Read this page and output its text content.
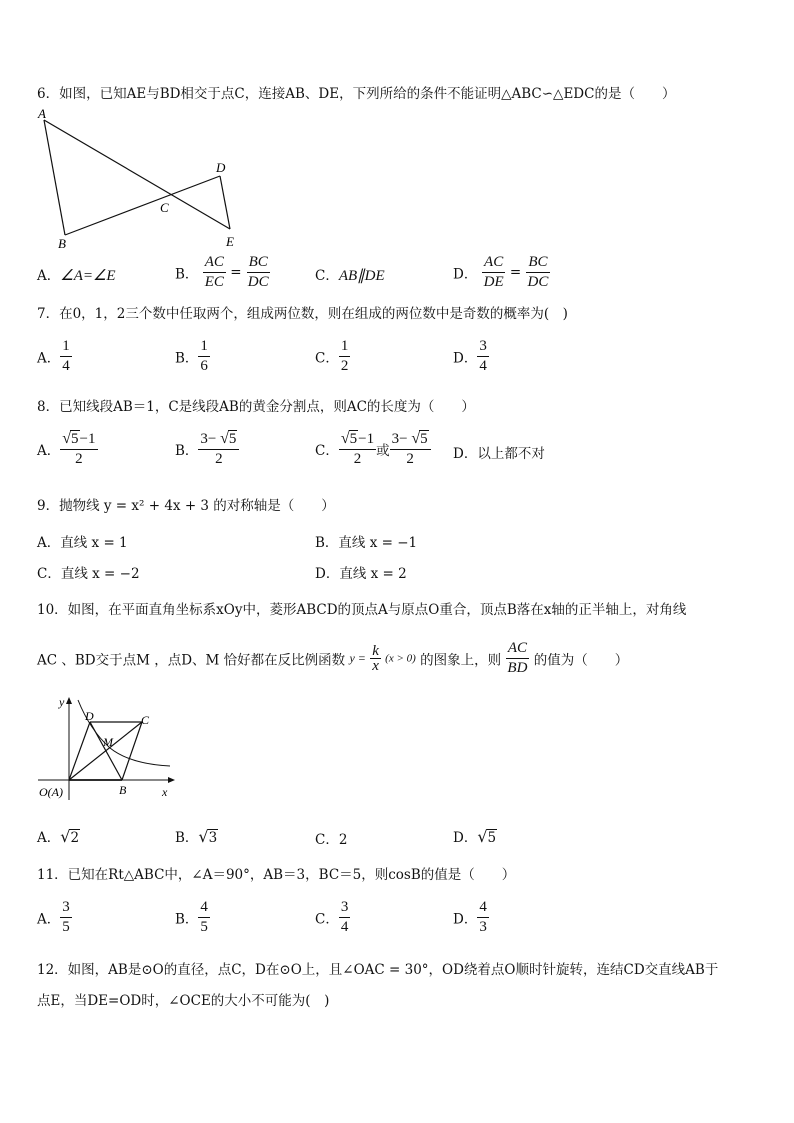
6．如图，已知AE与BD相交于点C，连接AB、DE，下列所给的条件不能证明△ABC∽△EDC的是（　　）
A
B
C
D
E
A．∠A=∠E	B． $\frac{AC}{EC} = \frac{BC}{DC}$	C．AB∥DE	D． $\frac{AC}{DE} = \frac{BC}{DC}$
7．在0，1，2三个数中任取两个，组成两位数，则在组成的两位数中是奇数的概率为(　)
A． $\frac{1}{4}$	B． $\frac{1}{6}$	C． $\frac{1}{2}$	D． $\frac{3}{4}$
8．已知线段AB＝1，C是线段AB的黄金分割点，则AC的长度为（　　）
A． $\frac{√5-1}{2}$	B． $\frac{3- √5}{2}$	C． $\frac{√5-1}{2}$ 或 $\frac{3- √5}{2}$ D．以上都不对
9．抛物线 y = x² + 4x + 3 的对称轴是（　　）
A．直线 x = 1	B．直线 x = −1
C．直线 x = −2	D．直线 x = 2
10．如图，在平面直角坐标系xOy中，菱形ABCD的顶点A与原点O重合，顶点B落在x轴的正半轴上，对角线
AC 、BD交于点M ，点D、M 恰好都在反比例函数 $y = \frac{k}{x} (x > 0)$ 的图象上，则 $\frac{AC}{BD}$ 的值为（　　）
y
x
D	C
M
B
O(A)
A．√2	B．√3	C．2	D．√5
11．已知在Rt△ABC中，∠A＝90°，AB＝3，BC＝5，则cosB的值是（　　）
A． $\frac{3}{5}$	B． $\frac{4}{5}$	C． $\frac{3}{4}$	D． $\frac{4}{3}$
12．如图，AB是⊙O的直径，点C，D在⊙O上，且∠OAC = 30°，OD绕着点O顺时针旋转，连结CD交直线AB于
点E，当DE=OD时，∠OCE的大小不可能为(　)
